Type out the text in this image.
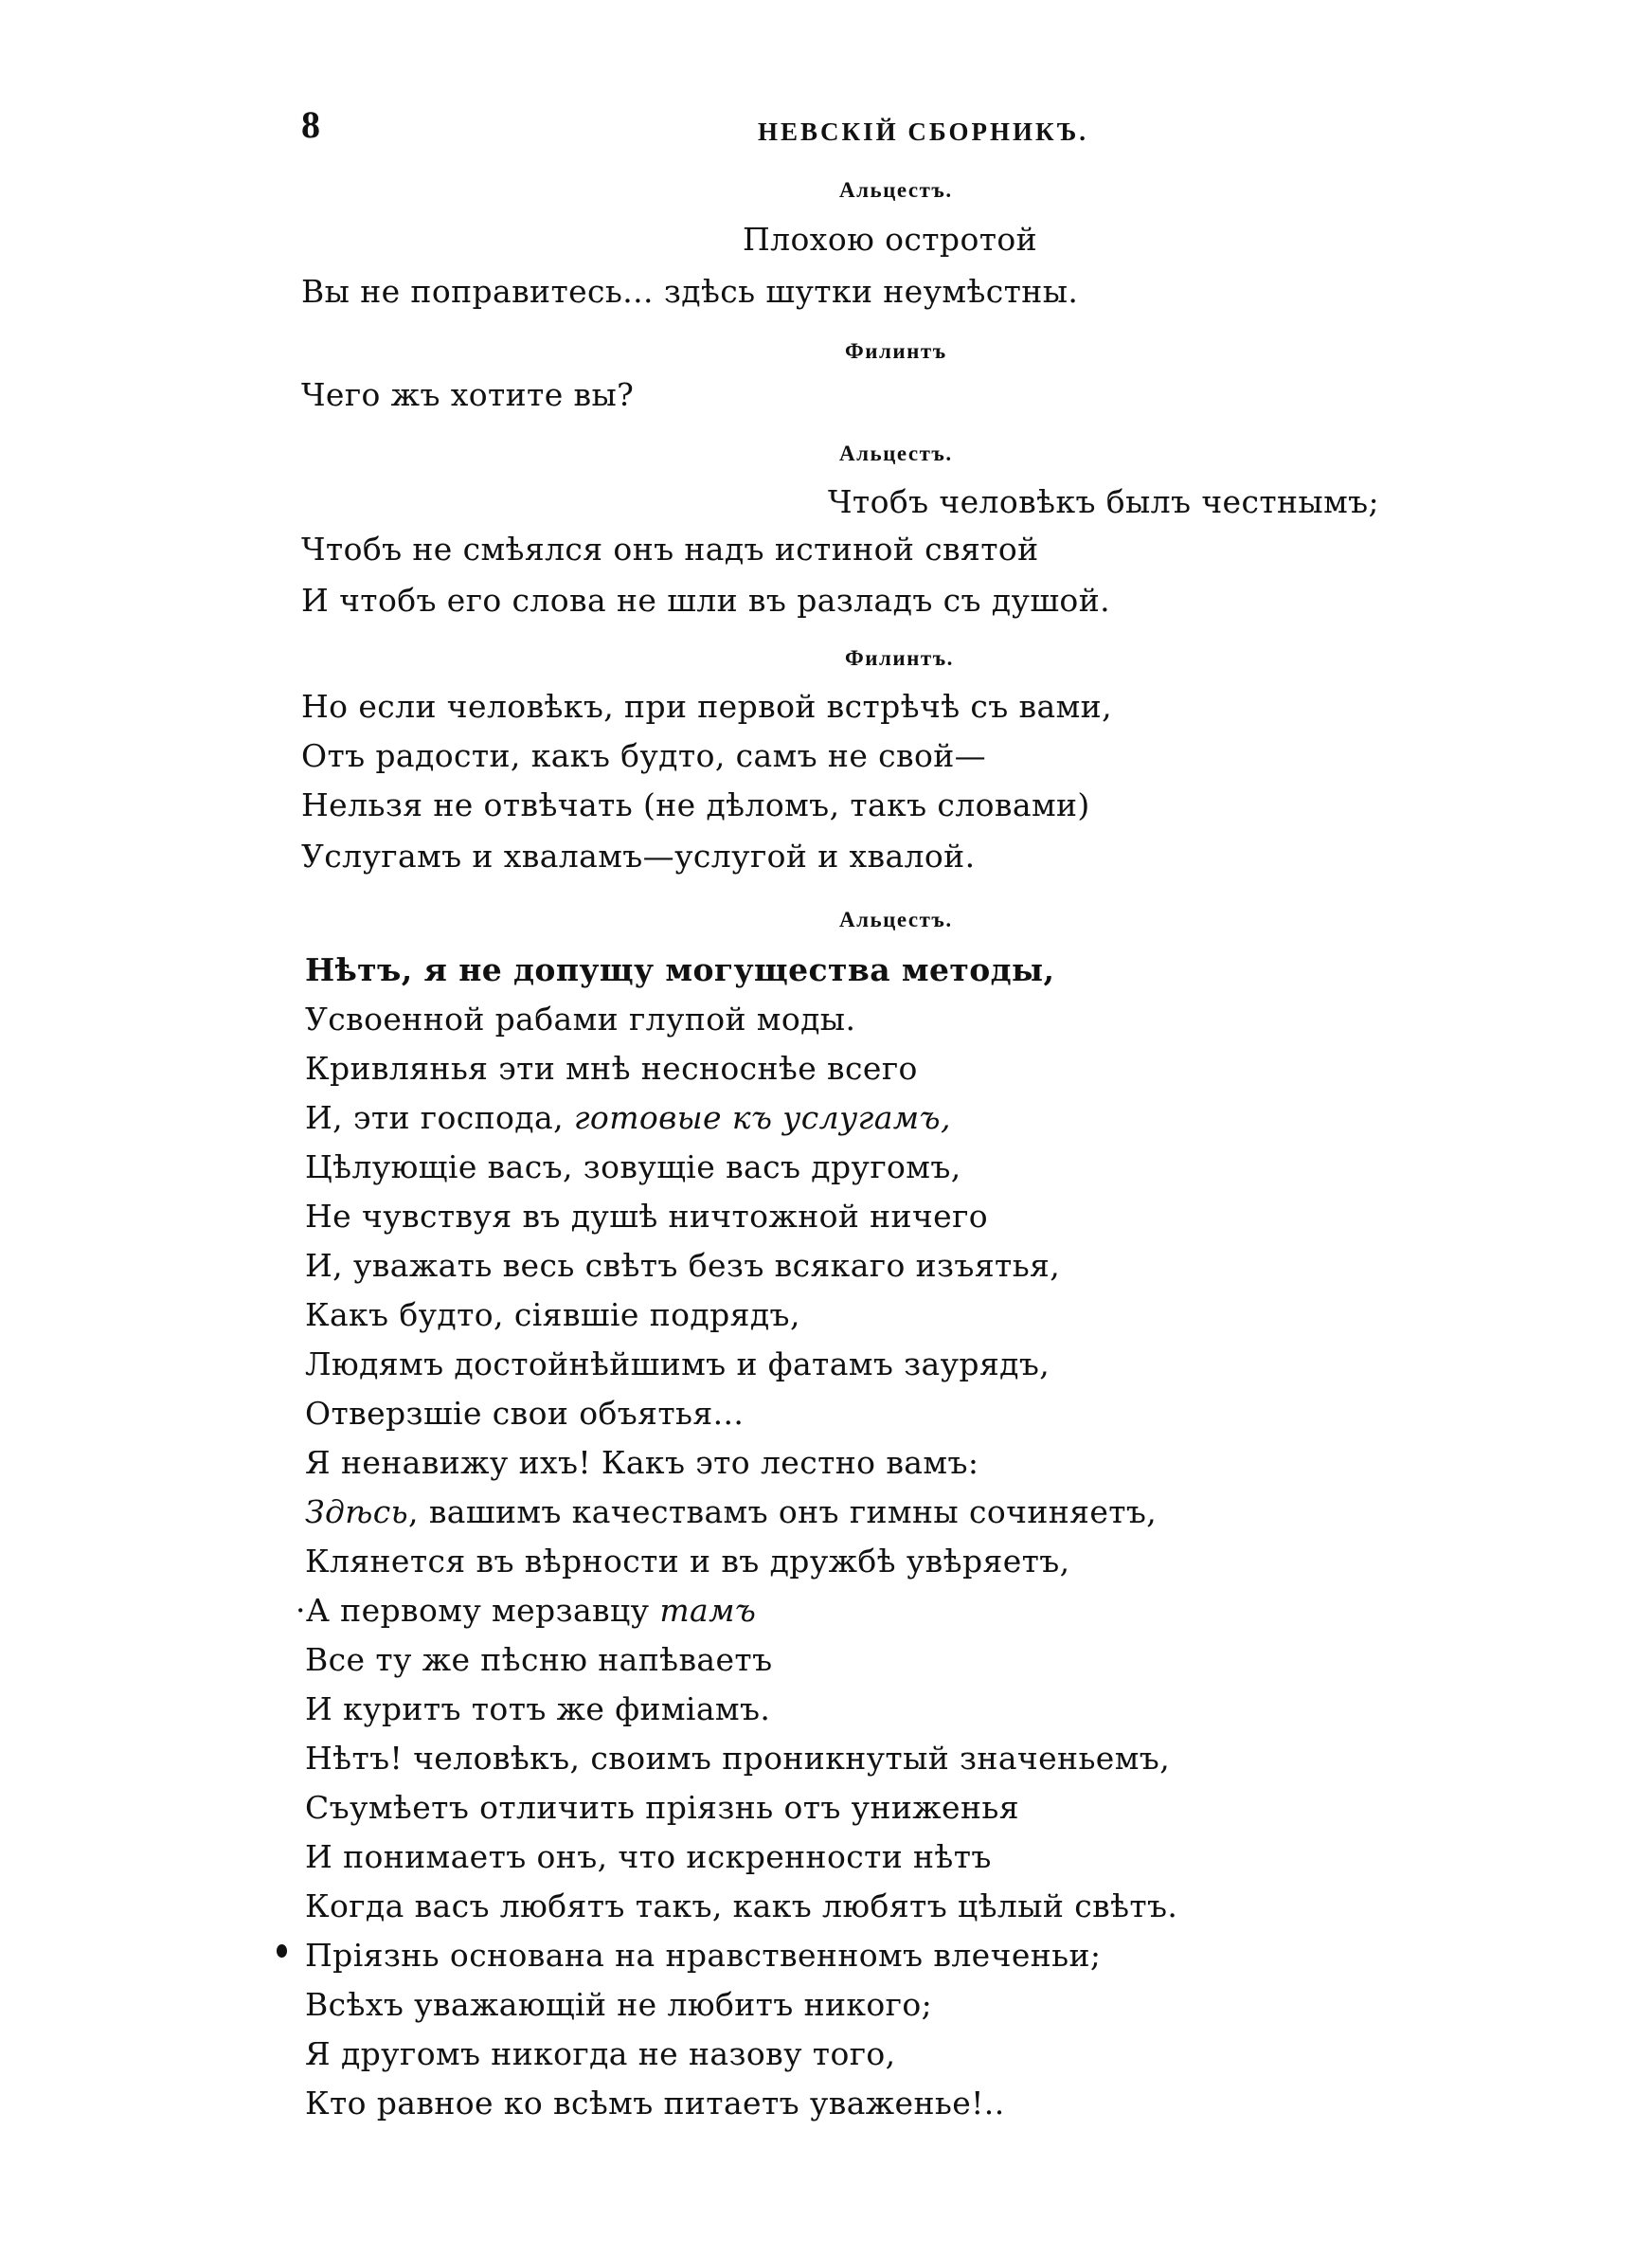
8	НЕВСКІЙ СБОРНИКЪ.
Альцестъ.
Плохою остротой
Вы не поправитесь... здѣсь шутки неумѣстны.
Филинтъ
Чего жъ хотите вы?
Альцестъ.
Чтобъ человѣкъ былъ честнымъ;
Чтобъ не смѣялся онъ надъ истиной святой
И чтобъ его слова не шли въ разладъ съ душой.
Филинтъ.
Но если человѣкъ, при первой встрѣчѣ съ вами,
Отъ радости, какъ будто, самъ не свой—
Нельзя не отвѣчать (не дѣломъ, такъ словами)
Услугамъ и хваламъ—услугой и хвалой.
Альцестъ.
Нѣтъ, я не допущу могущества методы,
Усвоенной рабами глупой моды.
Кривлянья эти мнѣ несноснѣе всего
И, эти господа, готовые къ услугамъ,
Цѣлующіе васъ, зовущіе васъ другомъ,
Не чувствуя въ душѣ ничтожной ничего
И, уважать весь свѣтъ безъ всякаго изъятья,
Какъ будто, сіявшіе подрядъ,
Людямъ достойнѣйшимъ и фатамъ заурядъ,
Отверзшіе свои объятья...
Я ненавижу ихъ! Какъ это лестно вамъ:
Здѣсь, вашимъ качествамъ онъ гимны сочиняетъ,
Клянется въ вѣрности и въ дружбѣ увѣряетъ,
·А первому мерзавцу тамъ
Все ту же пѣсню напѣваетъ
И куритъ тотъ же фиміамъ.
Нѣтъ! человѣкъ, своимъ проникнутый значеньемъ,
Съумѣетъ отличить пріязнь отъ униженья
И понимаетъ онъ, что искренности нѣтъ
Когда васъ любятъ такъ, какъ любятъ цѣлый свѣтъ.
Пріязнь основана на нравственномъ влеченьи;
Всѣхъ уважающій не любитъ никого;
Я другомъ никогда не назову того,
Кто равное ко всѣмъ питаетъ уваженье!..
